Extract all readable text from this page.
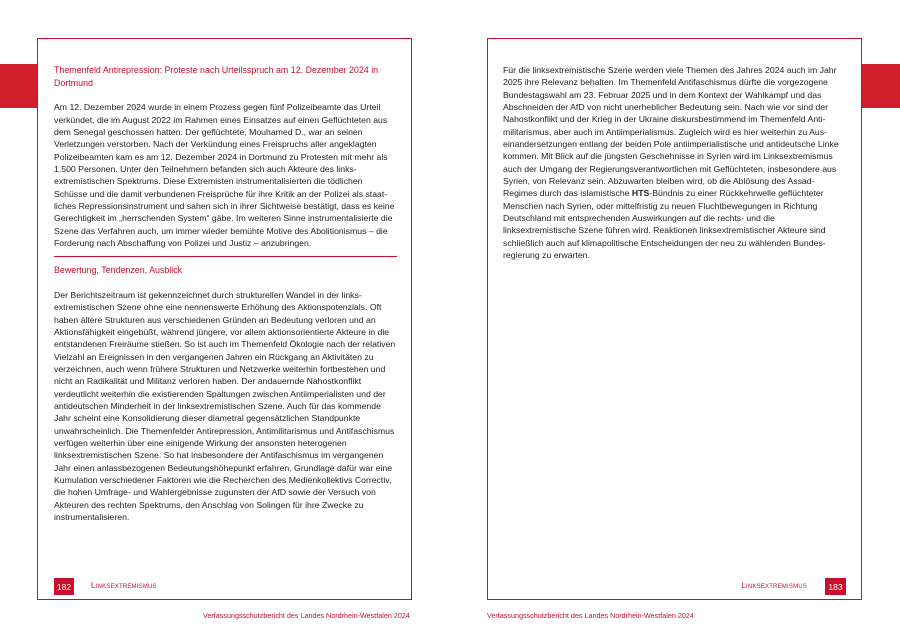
Themenfeld Antirepression: Proteste nach Urteilsspruch am 12. Dezember 2024 in Dortmund

Am 12. Dezember 2024 wurde in einem Prozess gegen fünf Polizeibeamte das Urteil verkündet, die im August 2022 im Rahmen eines Einsatzes auf einen Geflüchteten aus dem Senegal geschossen hatten. Der geflüchtete, Mouhamed D., war an seinen Verletzungen verstorben. Nach der Verkündung eines Freispruchs aller angeklagten Polizeibeamten kam es am 12. Dezember 2024 in Dortmund zu Protesten mit mehr als 1.500 Personen. Unter den Teilnehmern befanden sich auch Akteure des linksextremistischen Spektrums. Diese Extremisten instrumentalisierten die tödlichen Schüsse und die damit verbundenen Freisprüche für ihre Kritik an der Polizei als staatliches Repressionsinstrument und sahen sich in ihrer Sichtweise bestätigt, dass es keine Gerechtigkeit im „herrschenden System“ gäbe. Im weiteren Sinne instrumentalisierte die Szene das Verfahren auch, um immer wieder bemühte Motive des Abolitionismus – die Forderung nach Abschaffung von Polizei und Justiz – anzubringen.

Bewertung, Tendenzen, Ausblick

Der Berichtszeitraum ist gekennzeichnet durch strukturellen Wandel in der linksextremistischen Szene ohne eine nennenswerte Erhöhung des Aktionspotenzials. Oft haben ältere Strukturen aus verschiedenen Gründen an Bedeutung verloren und an Aktionsfähigkeit eingebüßt, während jüngere, vor allem aktionsorientierte Akteure in die entstandenen Freiräume stießen. So ist auch im Themenfeld Ökologie nach der relativen Vielzahl an Ereignissen in den vergangenen Jahren ein Rückgang an Aktivitäten zu verzeichnen, auch wenn frühere Strukturen und Netzwerke weiterhin fortbestehen und nicht an Radikalität und Militanz verloren haben. Der andauernde Nahostkonflikt verdeutlicht weiterhin die existierenden Spaltungen zwischen Antiimperialisten und der antideutschen Minderheit in der linksextremistischen Szene. Auch für das kommende Jahr scheint eine Konsolidierung dieser diametral gegensätzlichen Standpunkte unwahrscheinlich. Die Themenfelder Antirepression, Antimilitarismus und Antifaschismus verfügen weiterhin über eine einigende Wirkung der ansonsten heterogenen linksextremistischen Szene. So hat insbesondere der Antifaschismus im vergangenen Jahr einen anlassbezogenen Bedeutungshöhepunkt erfahren. Grundlage dafür war eine Kumulation verschiedener Faktoren wie die Recherchen des Medienkollektivs Correctiv, die hohen Umfrage- und Wahlergebnisse zugunsten der AfD sowie der Versuch von Akteuren des rechten Spektrums, den Anschlag von Solingen für ihre Zwecke zu instrumentalisieren.

Für die linksextremistische Szene werden viele Themen des Jahres 2024 auch im Jahr 2025 ihre Relevanz behalten. Im Themenfeld Antifaschismus dürfte die vorgezogene Bundestagswahl am 23. Februar 2025 und in dem Kontext der Wahlkampf und das Abschneiden der AfD von nicht unerheblicher Bedeutung sein. Nach wie vor sind der Nahostkonflikt und der Krieg in der Ukraine diskursbestimmend im Themenfeld Antimilitarismus, aber auch im Antiimperialismus. Zugleich wird es hier weiterhin zu Auseinandersetzungen entlang der beiden Pole antiimperialistische und antideutsche Linke kommen. Mit Blick auf die jüngsten Geschehnisse in Syrien wird im Linksextremismus auch der Umgang der Regierungsverantwortlichen mit Geflüchteten, insbesondere aus Syrien, von Relevanz sein. Abzuwarten bleiben wird, ob die Ablösung des Assad-Regimes durch das islamistische HTS-Bündnis zu einer Rückkehrwelle geflüchteter Menschen nach Syrien, oder mittelfristig zu neuen Fluchtbewegungen in Richtung Deutschland mit entsprechenden Auswirkungen auf die rechts- und die linksextremistische Szene führen wird. Reaktionen linksextremistischer Akteure sind schließlich auch auf klimapolitische Entscheidungen der neu zu wählenden Bundesregierung zu erwarten.

182	Linksextremismus
Verfassungsschutzbericht des Landes Nordrhein-Westfalen 2024
Linksextremismus	183
Verfassungsschutzbericht des Landes Nordrhein-Westfalen 2024
